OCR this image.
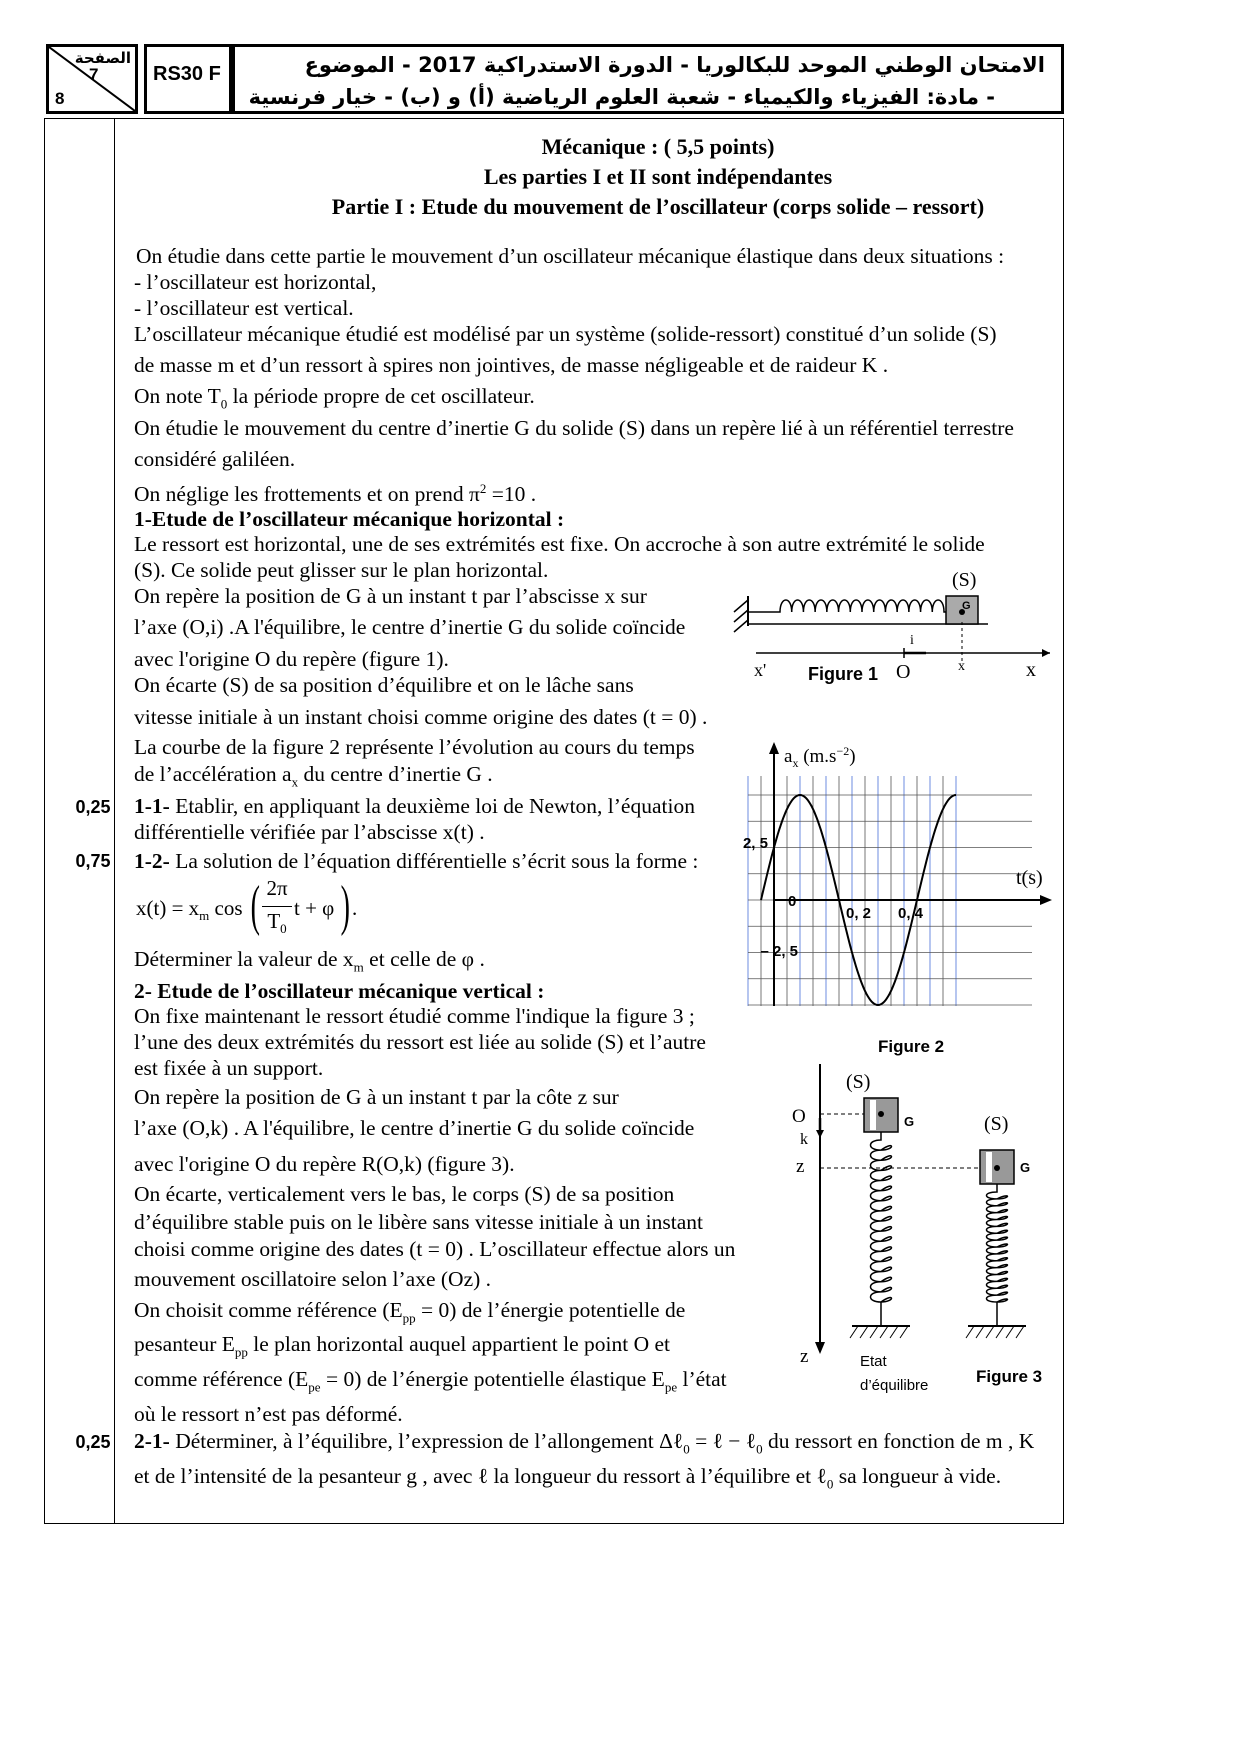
الصفحة
7
8
RS30 F	الامتحان الوطني الموحد للبكالوريا - الدورة الاستدراكية 2017 - الموضوع
- مادة: الفيزياء والكيمياء - شعبة العلوم الرياضية (أ) و (ب) - خيار فرنسية
Mécanique : ( 5,5 points)
Les parties I et II sont indépendantes
Partie I : Etude du mouvement de l’oscillateur (corps solide – ressort)
On étudie dans cette partie le mouvement d’un oscillateur mécanique élastique dans deux situations :
- l’oscillateur est horizontal,
- l’oscillateur est vertical.
L’oscillateur mécanique étudié est modélisé par un système (solide-ressort) constitué d’un solide (S)
de masse m et d’un ressort à spires non jointives, de masse négligeable et de raideur K .
On note $T_0$ la période propre de cet oscillateur.
On étudie le mouvement du centre d’inertie G du solide (S) dans un repère lié à un référentiel terrestre
considéré galiléen.
On néglige les frottements et on prend $\pi^2 =10$ .
1-Etude de l’oscillateur mécanique horizontal :
Le ressort est horizontal, une de ses extrémités est fixe. On accroche à son autre extrémité le solide
(S). Ce solide peut glisser sur le plan horizontal.
On repère la position de G à un instant t par l’abscisse x sur
l’axe (O,i) .A l'équilibre, le centre d’inertie G du solide coïncide
avec l'origine O du repère (figure 1).
On écarte (S) de sa position d’équilibre et on le lâche sans
vitesse initiale à un instant choisi comme origine des dates (t = 0) .
La courbe de la figure 2 représente l’évolution au cours du temps
de l’accélération $a_x$ du centre d’inertie G .
0,25	1-1- Etablir, en appliquant la deuxième loi de Newton, l’équation
différentielle vérifiée par l’abscisse x(t) .
0,75	1-2- La solution de l’équation différentielle s’écrit sous la forme :
$x(t) = x_m$ cos ( 2π
$T_0$
t + φ ) .
Déterminer la valeur de $x_m$ et celle de φ .
2- Etude de l’oscillateur mécanique vertical :
On fixe maintenant le ressort étudié comme l'indique la figure 3 ;
l’une des deux extrémités du ressort est liée au solide (S) et l’autre
est fixée à un support.
On repère la position de G à un instant t par la côte z sur
l’axe (O,k) . A l'équilibre, le centre d’inertie G du solide coïncide
avec l'origine O du repère R(O,k) (figure 3).
On écarte, verticalement vers le bas, le corps (S) de sa position
d’équilibre stable puis on le libère sans vitesse initiale à un instant
choisi comme origine des dates (t = 0) . L’oscillateur effectue alors un
mouvement oscillatoire selon l’axe (Oz) .
On choisit comme référence $(E_{pp} = 0)$ de l’énergie potentielle de
pesanteur $E_{pp}$ le plan horizontal auquel appartient le point O et
comme référence $(E_{pe} = 0)$ de l’énergie potentielle élastique $E_{pe}$ l’état
où le ressort n’est pas déformé.
0,25	2-1- Déterminer, à l’équilibre, l’expression de l’allongement Δℓ$_0$ = ℓ − ℓ$_0$ du ressort en fonction de m , K
et de l’intensité de la pesanteur g , avec ℓ la longueur du ressort à l’équilibre et ℓ$_0$ sa longueur à vide.
G
(S)
i
x'	O	x	x
Figure 1
$a_x$ $(m.s^{-2})$
t(s)
2, 5
0
– 2, 5
0, 2 0, 4
Figure 2
O
k
z
z
G
(S)
Etat
d’équilibre
G
(S)
Figure 3
